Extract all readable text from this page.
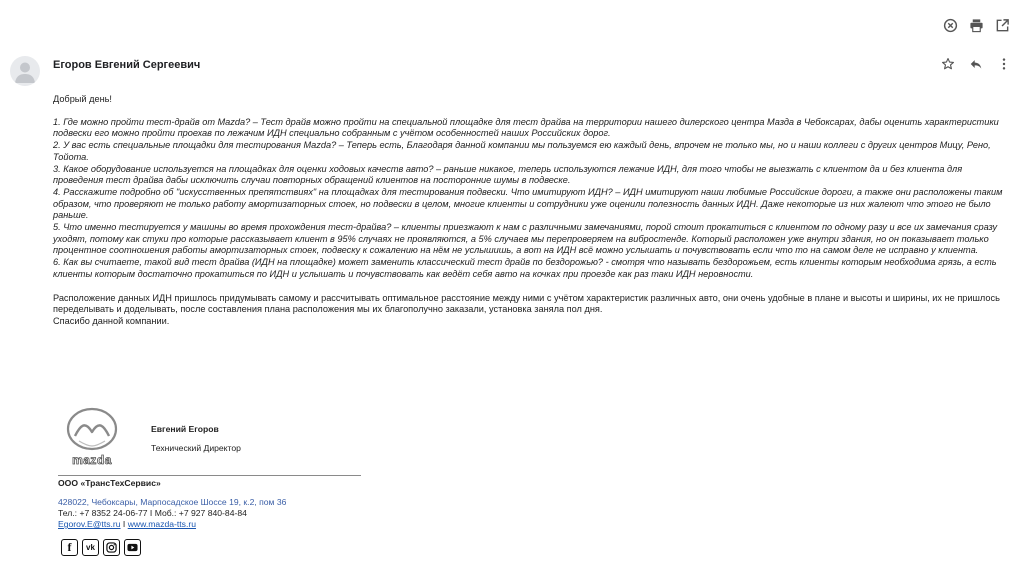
Егоров Евгений Сергеевич

Добрый день!

1. Где можно пройти тест-драйв от Mazda? – Тест драйв можно пройти на специальной площадке для тест драйва на территории нашего дилерского центра Мазда в Чебоксарах, дабы оценить характеристики подвески его можно пройти проехав по лежачим ИДН специально собранным с учётом особенностей наших Российских дорог.

2. У вас есть специальные площадки для тестирования Mazda? – Теперь есть, Благодаря данной компании мы пользуемся ею каждый день, впрочем не только мы, но и наши коллеги с других центров Мицу, Рено, Тойота.

3. Какое оборудование используется на площадках для оценки ходовых качеств авто? – раньше никакое, теперь используются лежачие ИДН, для того чтобы не выезжать с клиентом да и без клиента для проведения тест драйва дабы исключить случаи повторных обращений клиентов на посторонние шумы в подвеске.

4. Расскажите подробно об "искусственных препятствиях" на площадках для тестирования подвески. Что имитируют ИДН? – ИДН имитируют наши любимые Российские дороги, а также они расположены таким образом, что проверяют не только работу амортизаторных стоек, но подвески в целом, многие клиенты и сотрудники уже оценили полезность данных ИДН. Даже некоторые из них жалеют что этого не было раньше.

5. Что именно тестируется у машины во время прохождения тест-драйва? – клиенты приезжают к нам с различными замечаниями, порой стоит прокатиться с клиентом по одному разу и все их замечания сразу уходят, потому как стуки про которые рассказывает клиент в 95% случаях не проявляются, а 5% случаев мы перепроверяем на вибростенде. Который расположен уже внутри здания, но он показывает только процентное соотношения работы амортизаторных стоек, подвеску к сожалению на нём не услышишь, а вот на ИДН всё можно услышать и почувствовать если что то на самом деле не исправно у клиента.

6. Как вы считаете, такой вид тест драйва (ИДН на площадке) может заменить классический тест драйв по бездорожью? - смотря что называть бездорожьем, есть клиенты которым необходима грязь, а есть клиенты которым достаточно прокатиться по ИДН и услышать и почувствовать как ведёт себя авто на кочках при проезде как раз таки ИДН неровности.

Расположение данных ИДН пришлось придумывать самому и рассчитывать оптимальное расстояние между ними с учётом характеристик различных авто, они очень удобные в плане и высоты и ширины, их не пришлось переделывать и доделывать, после составления плана расположения мы их благополучно заказали, установка заняла пол дня.

Спасибо данной компании.

mazda
Евгений Егоров
Технический Директор
ООО «ТрансТехСервис»
428022, Чебоксары, Марпосадское Шоссе 19, к.2, пом 36
Тел.: +7 8352 24-06-77 I Моб.: +7 927 840-84-84
Egorov.E@tts.ru I www.mazda-tts.ru
f vk
